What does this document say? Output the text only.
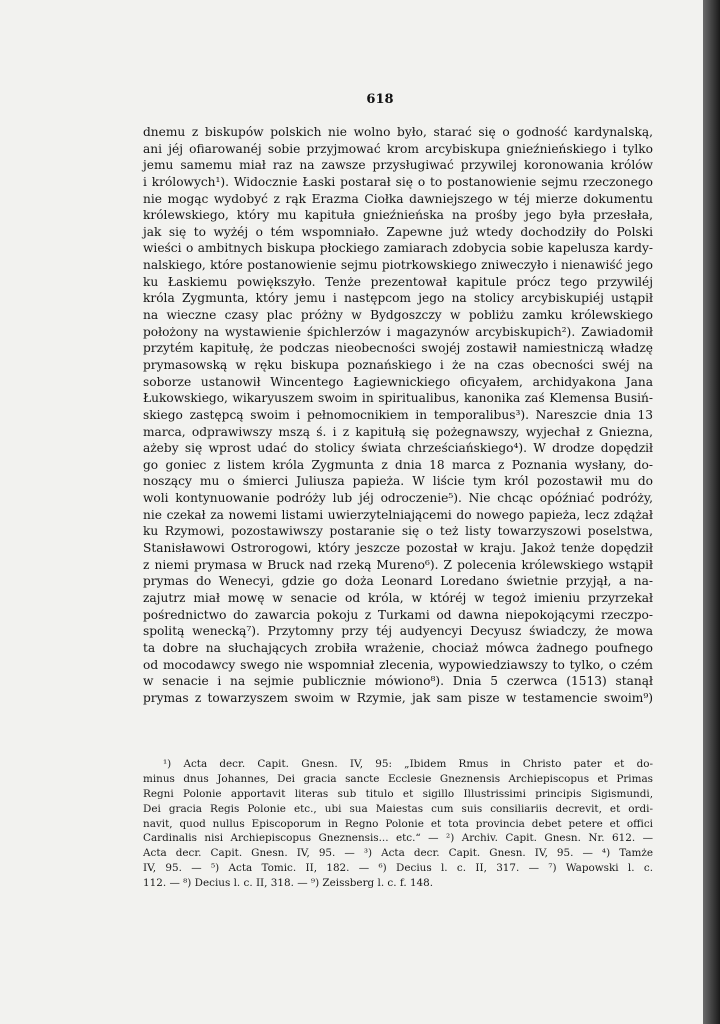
618
dnemu z biskupów polskich nie wolno było, starać się o godność kardynalską,
ani jéj ofiarowanéj sobie przyjmować krom arcybiskupa gnieźnieńskiego i tylko
jemu samemu miał raz na zawsze przysługiwać przywilej koronowania królów
i królowych¹). Widocznie Łaski postarał się o to postanowienie sejmu rzeczonego
nie mogąc wydobyć z rąk Erazma Ciołka dawniejszego w téj mierze dokumentu
królewskiego, który mu kapituła gnieźnieńska na prośby jego była przesłała,
jak się to wyżéj o tém wspomniało. Zapewne już wtedy dochodziły do Polski
wieści o ambitnych biskupa płockiego zamiarach zdobycia sobie kapelusza kardy-
nalskiego, które postanowienie sejmu piotrkowskiego zniweczyło i nienawiść jego
ku Łaskiemu powiększyło. Tenże prezentował kapitule prócz tego przywiléj
króla Zygmunta, który jemu i następcom jego na stolicy arcybiskupiéj ustąpił
na wieczne czasy plac próżny w Bydgoszczy w pobliżu zamku królewskiego
położony na wystawienie śpichlerzów i magazynów arcybiskupich²). Zawiadomił
przytém kapitułę, że podczas nieobecności swojéj zostawił namiestniczą władzę
prymasowską w ręku biskupa poznańskiego i że na czas obecności swéj na
soborze ustanowił Wincentego Łagiewnickiego oficyałem, archidyakona Jana
Łukowskiego, wikaryuszem swoim in spiritualibus, kanonika zaś Klemensa Busiń-
skiego zastępcą swoim i pełnomocnikiem in temporalibus³). Nareszcie dnia 13
marca, odprawiwszy mszą ś. i z kapitułą się pożegnawszy, wyjechał z Gniezna,
ażeby się wprost udać do stolicy świata chrześciańskiego⁴). W drodze dopędził
go goniec z listem króla Zygmunta z dnia 18 marca z Poznania wysłany, do-
noszący mu o śmierci Juliusza papieża. W liście tym król pozostawił mu do
woli kontynuowanie podróży lub jéj odroczenie⁵). Nie chcąc opóźniać podróży,
nie czekał za nowemi listami uwierzytelniającemi do nowego papieża, lecz zdążał
ku Rzymowi, pozostawiwszy postaranie się o też listy towarzyszowi poselstwa,
Stanisławowi Ostrorogowi, który jeszcze pozostał w kraju. Jakoż tenże dopędził
z niemi prymasa w Bruck nad rzeką Mureno⁶). Z polecenia królewskiego wstąpił
prymas do Wenecyi, gdzie go doża Leonard Loredano świetnie przyjął, a na-
zajutrz miał mowę w senacie od króla, w któréj w tegoż imieniu przyrzekał
pośrednictwo do zawarcia pokoju z Turkami od dawna niepokojącymi rzeczpo-
spolitą wenecką⁷). Przytomny przy téj audyencyi Decyusz świadczy, że mowa
ta dobre na słuchających zrobiła wrażenie, chociaż mówca żadnego poufnego
od mocodawcy swego nie wspomniał zlecenia, wypowiedziawszy to tylko, o czém
w senacie i na sejmie publicznie mówiono⁸). Dnia 5 czerwca (1513) stanął
prymas z towarzyszem swoim w Rzymie, jak sam pisze w testamencie swoim⁹)
¹) Acta decr. Capit. Gnesn. IV, 95: „Ibidem Rmus in Christo pater et do-
minus dnus Johannes, Dei gracia sancte Ecclesie Gneznensis Archiepiscopus et Primas
Regni Polonie apportavit literas sub titulo et sigillo Illustrissimi principis Sigismundi,
Dei gracia Regis Polonie etc., ubi sua Maiestas cum suis consiliariis decrevit, et ordi-
navit, quod nullus Episcoporum in Regno Polonie et tota provincia debet petere et offici
Cardinalis nisi Archiepiscopus Gneznensis... etc.“ — ²) Archiv. Capit. Gnesn. Nr. 612. —
Acta decr. Capit. Gnesn. IV, 95. — ³) Acta decr. Capit. Gnesn. IV, 95. — ⁴) Tamże
IV, 95. — ⁵) Acta Tomic. II, 182. — ⁶) Decius l. c. II, 317. — ⁷) Wapowski l. c.
112. — ⁸) Decius l. c. II, 318. — ⁹) Zeissberg l. c. f. 148.
